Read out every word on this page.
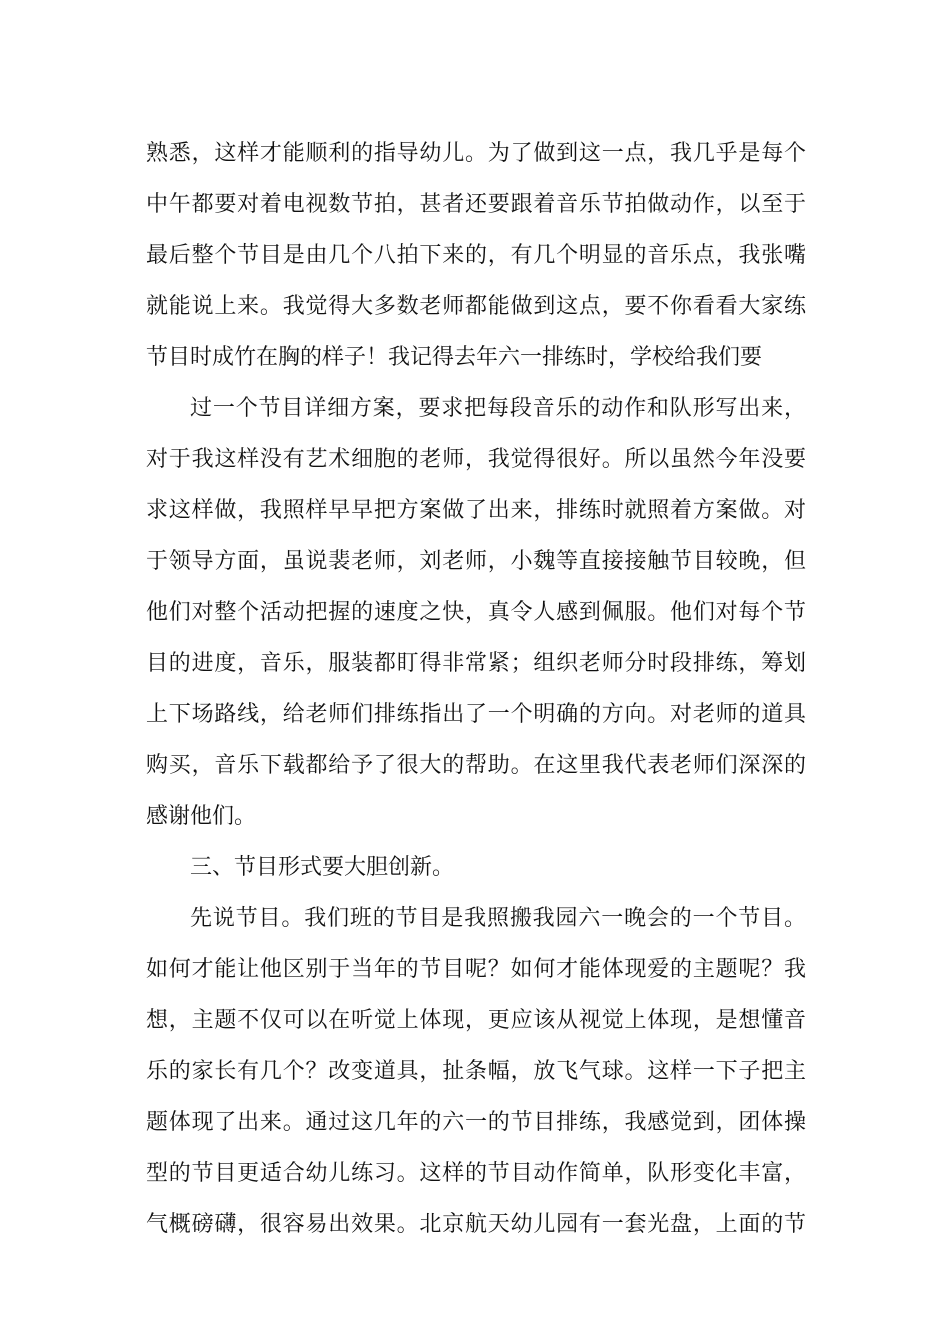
熟悉，这样才能顺利的指导幼儿。为了做到这一点，我几乎是每个
中午都要对着电视数节拍，甚者还要跟着音乐节拍做动作，以至于
最后整个节目是由几个八拍下来的，有几个明显的音乐点，我张嘴
就能说上来。我觉得大多数老师都能做到这点，要不你看看大家练
节目时成竹在胸的样子！我记得去年六一排练时，学校给我们要
过一个节目详细方案，要求把每段音乐的动作和队形写出来，
对于我这样没有艺术细胞的老师，我觉得很好。所以虽然今年没要
求这样做，我照样早早把方案做了出来，排练时就照着方案做。对
于领导方面，虽说裴老师，刘老师，小魏等直接接触节目较晚，但
他们对整个活动把握的速度之快，真令人感到佩服。他们对每个节
目的进度，音乐，服装都盯得非常紧；组织老师分时段排练，筹划
上下场路线，给老师们排练指出了一个明确的方向。对老师的道具
购买，音乐下载都给予了很大的帮助。在这里我代表老师们深深的
感谢他们。
三、节目形式要大胆创新。
先说节目。我们班的节目是我照搬我园六一晚会的一个节目。
如何才能让他区别于当年的节目呢？如何才能体现爱的主题呢？我
想，主题不仅可以在听觉上体现，更应该从视觉上体现，是想懂音
乐的家长有几个？改变道具，扯条幅，放飞气球。这样一下子把主
题体现了出来。通过这几年的六一的节目排练，我感觉到，团体操
型的节目更适合幼儿练习。这样的节目动作简单，队形变化丰富，
气概磅礴，很容易出效果。北京航天幼儿园有一套光盘，上面的节
